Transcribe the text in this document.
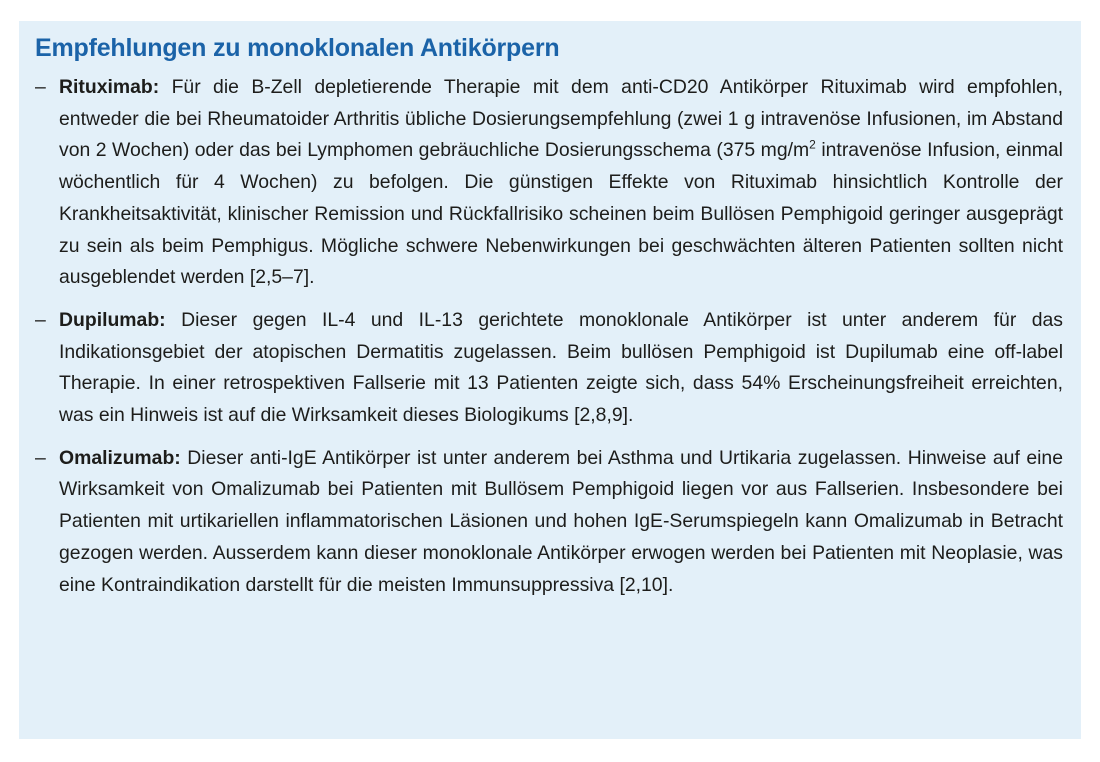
Empfehlungen zu monoklonalen Antikörpern
– Rituximab: Für die B-Zell depletierende Therapie mit dem anti-CD20 Antikörper Rituximab wird empfohlen, entweder die bei Rheumatoider Arthritis übliche Dosierungsempfehlung (zwei 1 g intravenöse Infusionen, im Abstand von 2 Wochen) oder das bei Lymphomen gebräuchliche Dosierungsschema (375 $mg/m^2$ intravenöse Infusion, einmal wöchentlich für 4 Wochen) zu befolgen. Die günstigen Effekte von Rituximab hinsichtlich Kontrolle der Krankheitsaktivität, klinischer Remission und Rückfallrisiko scheinen beim Bullösen Pemphigoid geringer ausgeprägt zu sein als beim Pemphigus. Mögliche schwere Nebenwirkungen bei geschwächten älteren Patienten sollten nicht ausgeblendet werden [2,5–7].
– Dupilumab: Dieser gegen IL-4 und IL-13 gerichtete monoklonale Antikörper ist unter anderem für das Indikationsgebiet der atopischen Dermatitis zugelassen. Beim bullösen Pemphigoid ist Dupilumab eine off-label Therapie. In einer retrospektiven Fallserie mit 13 Patienten zeigte sich, dass 54% Erscheinungsfreiheit erreichten, was ein Hinweis ist auf die Wirksamkeit dieses Biologikums [2,8,9].
– Omalizumab: Dieser anti-IgE Antikörper ist unter anderem bei Asthma und Urtikaria zugelassen. Hinweise auf eine Wirksamkeit von Omalizumab bei Patienten mit Bullösem Pemphigoid liegen vor aus Fallserien. Insbesondere bei Patienten mit urtikariellen inflammatorischen Läsionen und hohen IgE-Serumspiegeln kann Omalizumab in Betracht gezogen werden. Ausserdem kann dieser monoklonale Antikörper erwogen werden bei Patienten mit Neoplasie, was eine Kontraindikation darstellt für die meisten Immunsuppressiva [2,10].
